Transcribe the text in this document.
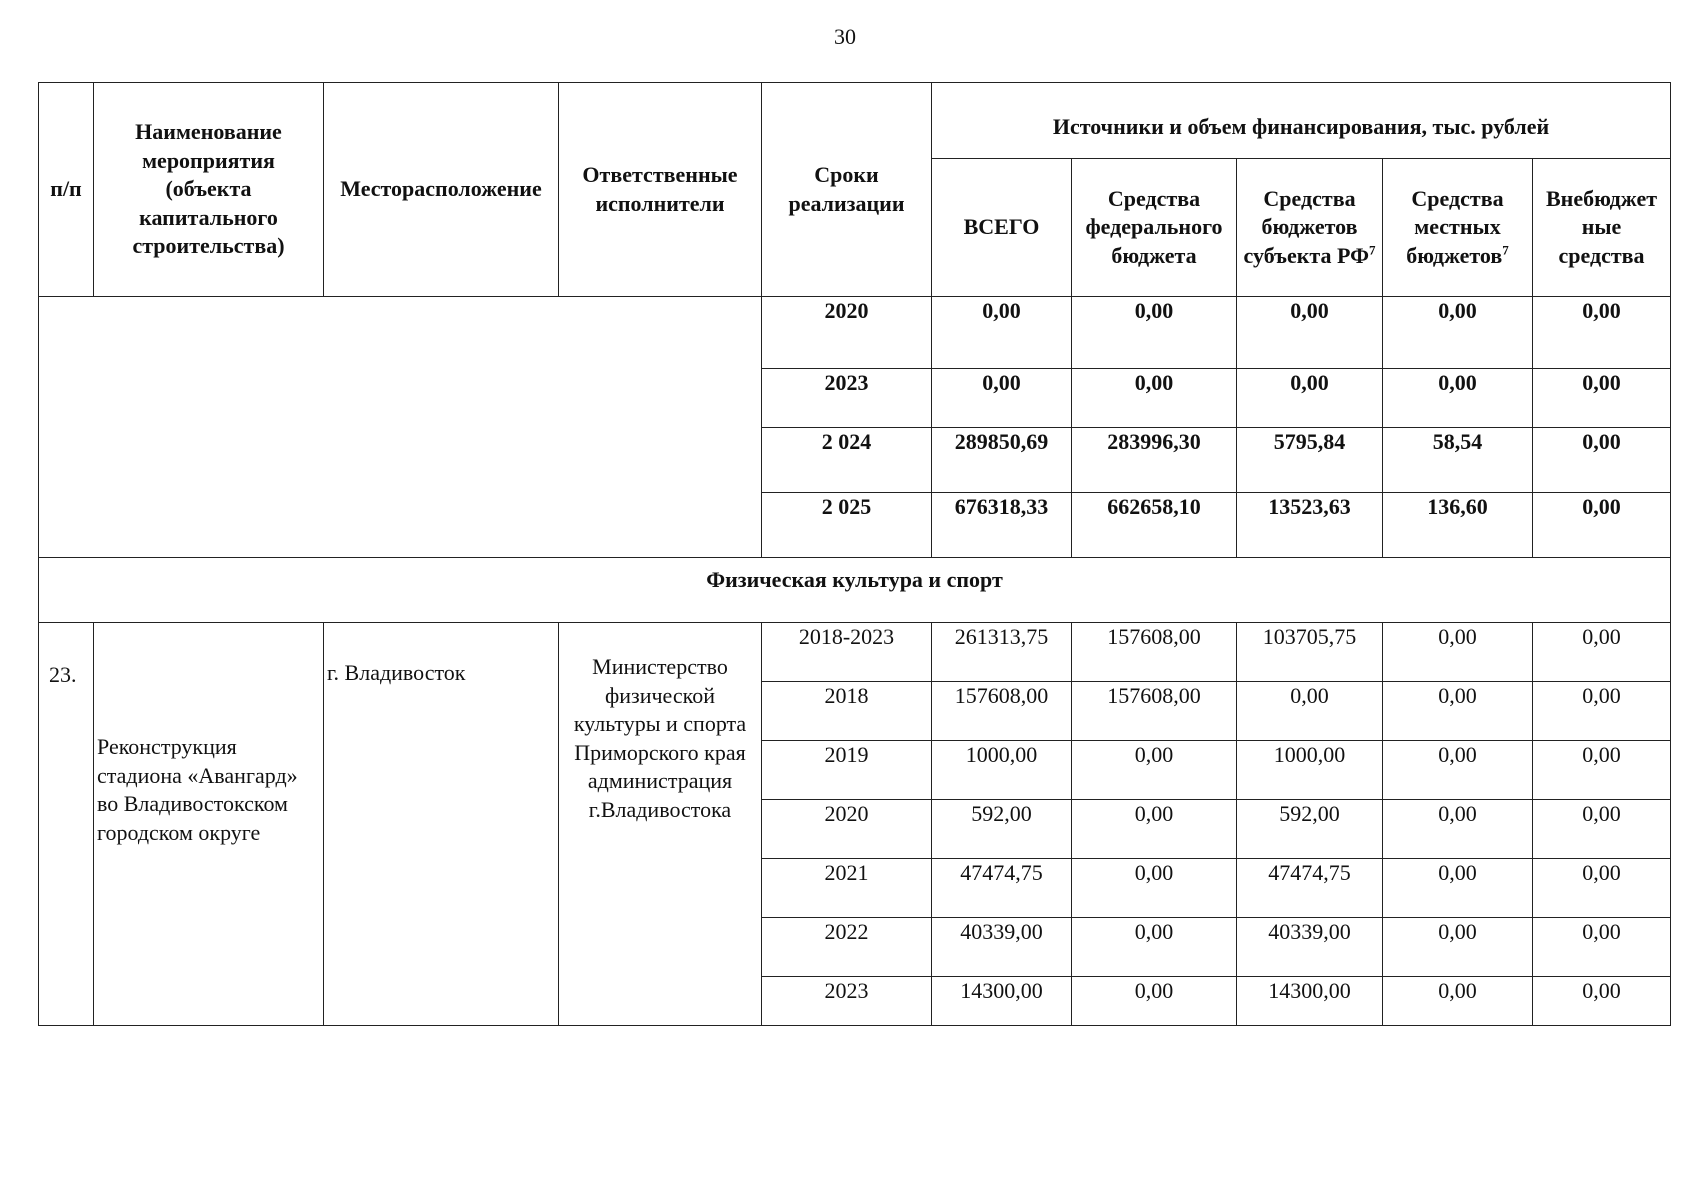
30
п/п	Наименование мероприятия (объекта капитального строительства)	Месторасположение	Ответственные исполнители	Сроки реализации	Источники и объем финансирования, тыс. рублей				
					ВСЕГО	Средства федерального бюджета	Средства бюджетов субъекта $РФ^7$	Средства местных бюджетов$^7$	Внебюджет ные средства
				2020	0,00	0,00	0,00	0,00	0,00
				2023	0,00	0,00	0,00	0,00	0,00
				2 024	289850,69	283996,30	5795,84	58,54	0,00
				2 025	676318,33	662658,10	13523,63	136,60	0,00
Физическая культура и спорт									
23.	Реконструкция стадиона «Авангард» во Владивостокском городском округе	г. Владивосток	Министерство физической культуры и спорта Приморского края администрация г.Владивостока	2018-2023	261313,75	157608,00	103705,75	0,00	0,00
				2018	157608,00	157608,00	0,00	0,00	0,00
				2019	1000,00	0,00	1000,00	0,00	0,00
				2020	592,00	0,00	592,00	0,00	0,00
				2021	47474,75	0,00	47474,75	0,00	0,00
				2022	40339,00	0,00	40339,00	0,00	0,00
				2023	14300,00	0,00	14300,00	0,00	0,00
